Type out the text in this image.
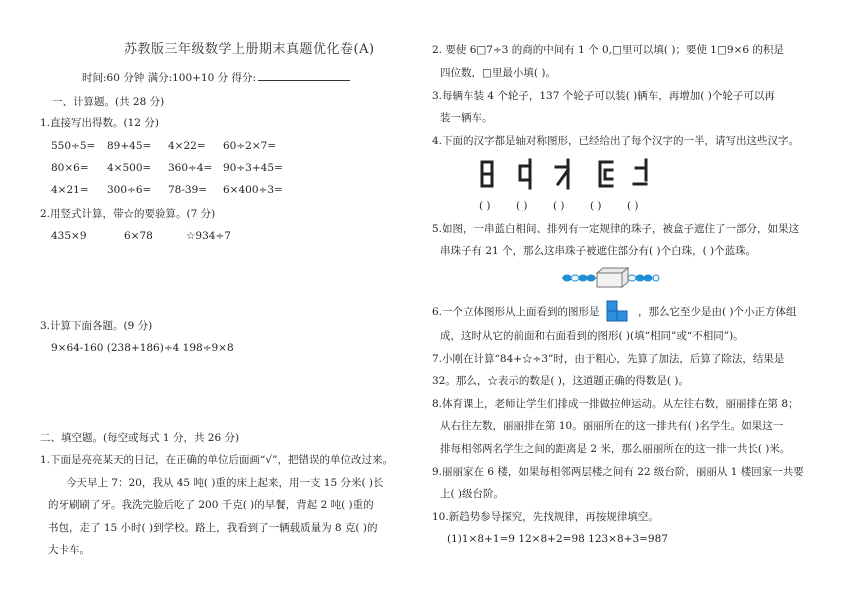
苏教版三年级数学上册期末真题优化卷(A)
时间:60 分钟 满分:100+10 分 得分:
一、计算题。(共 28 分)
1.直接写出得数。(12 分)
550÷5= 89+45= 4×22= 60÷2×7=
80×6= 4×500= 360÷4= 90÷3+45=
4×21= 300÷6= 78-39= 6×400÷3=
2.用竖式计算，带☆的要验算。(7 分)
435×9	6×78	☆934÷7
3.计算下面各题。(9 分)
9×64-160 (238+186)÷4 198÷9×8
二、填空题。(每空或每式 1 分，共 26 分)
1.下面是亮亮某天的日记，在正确的单位后面画“√”，把错误的单位改过来。
今天早上 7：20，我从 45 吨( )重的床上起来，用一支 15 分米( )长
的牙刷刷了牙。我洗完脸后吃了 200 千克( )的早餐，背起 2 吨( )重的
书包，走了 15 小时( )到学校。路上，我看到了一辆载质量为 8 克( )的
大卡车。
2. 要使 6□7÷3 的商的中间有 1 个 0,□里可以填( )；要使 1□9×6 的积是
四位数，□里最小填( )。
3.每辆车装 4 个轮子，137 个轮子可以装( )辆车，再增加( )个轮子可以再
装一辆车。
4.下面的汉字都是轴对称图形，已经给出了每个汉字的一半，请写出这些汉字。
( ) ( ) ( ) ( ) ( )
5.如图，一串蓝白相间、排列有一定规律的珠子，被盒子遮住了一部分，如果这
串珠子有 21 个，那么这串珠子被遮住部分有( )个白珠，( )个蓝珠。
6.一个立体图形从上面看到的图形是	，那么它至少是由( )个小正方体组
成，这时从它的前面和右面看到的图形( )(填“相同”或“不相同”)。
7.小刚在计算“84+☆÷3”时，由于粗心，先算了加法，后算了除法，结果是
32。那么，☆表示的数是( )，这道题正确的得数是( )。
8.体育课上，老师让学生们排成一排做拉伸运动。从左往右数，丽丽排在第 8；
从右往左数，丽丽排在第 10。丽丽所在的这一排共有( )名学生。如果这一
排每相邻两名学生之间的距离是 2 米，那么丽丽所在的这一排一共长( )米。
9.丽丽家在 6 楼，如果每相邻两层楼之间有 22 级台阶，丽丽从 1 楼回家一共要
上( )级台阶。
10.新趋势参导探究，先找规律，再按规律填空。
(1)1×8+1=9 12×8+2=98 123×8+3=987
